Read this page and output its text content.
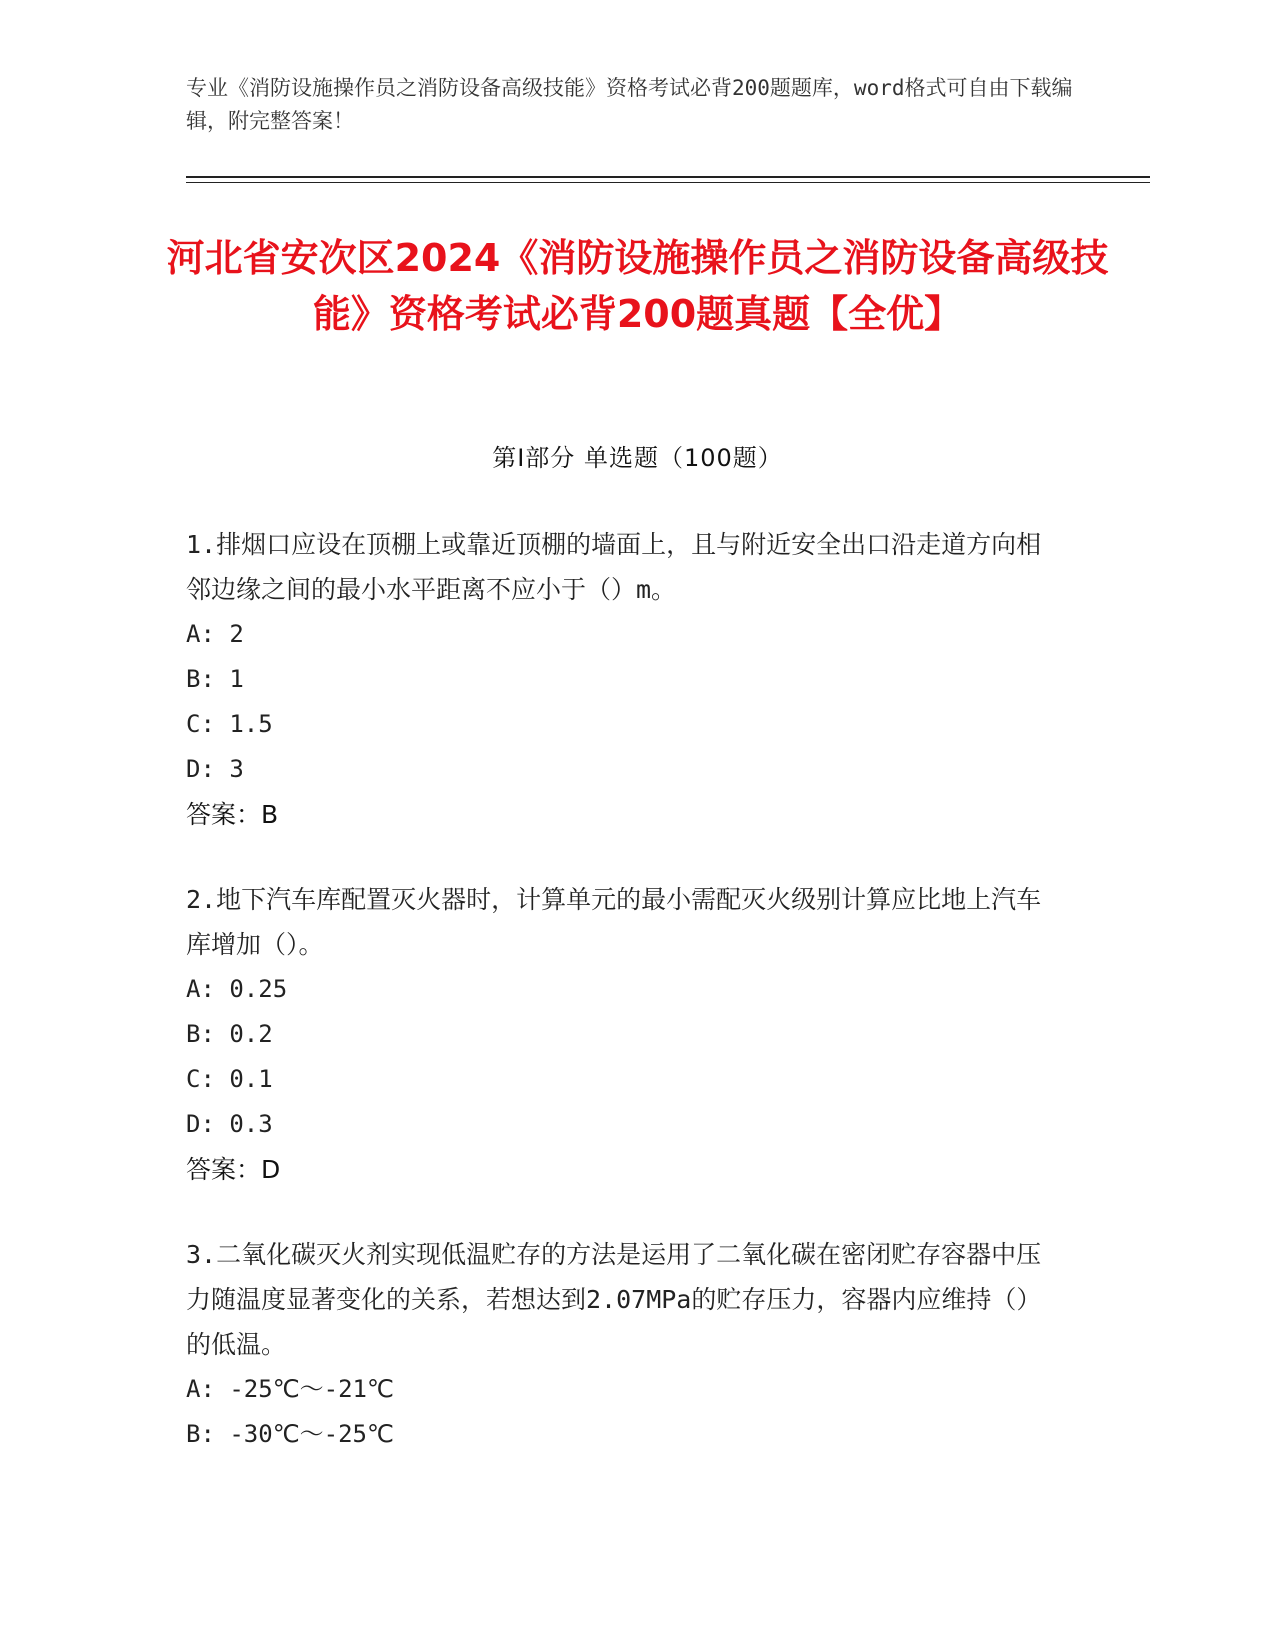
专业《消防设施操作员之消防设备高级技能》资格考试必背200题题库，word格式可自由下载编辑，附完整答案！
河北省安次区2024《消防设施操作员之消防设备高级技能》资格考试必背200题真题【全优】
第I部分 单选题（100题）

1.排烟口应设在顶棚上或靠近顶棚的墙面上，且与附近安全出口沿走道方向相邻边缘之间的最小水平距离不应小于（）m。

A: 2
B: 1
C: 1.5
D: 3
答案：B

2.地下汽车库配置灭火器时，计算单元的最小需配灭火级别计算应比地上汽车库增加（）。

A: 0.25
B: 0.2
C: 0.1
D: 0.3
答案：D

3.二氧化碳灭火剂实现低温贮存的方法是运用了二氧化碳在密闭贮存容器中压力随温度显著变化的关系，若想达到2.07MPa的贮存压力，容器内应维持（）的低温。

A: -25℃～-21℃
B: -30℃～-25℃
